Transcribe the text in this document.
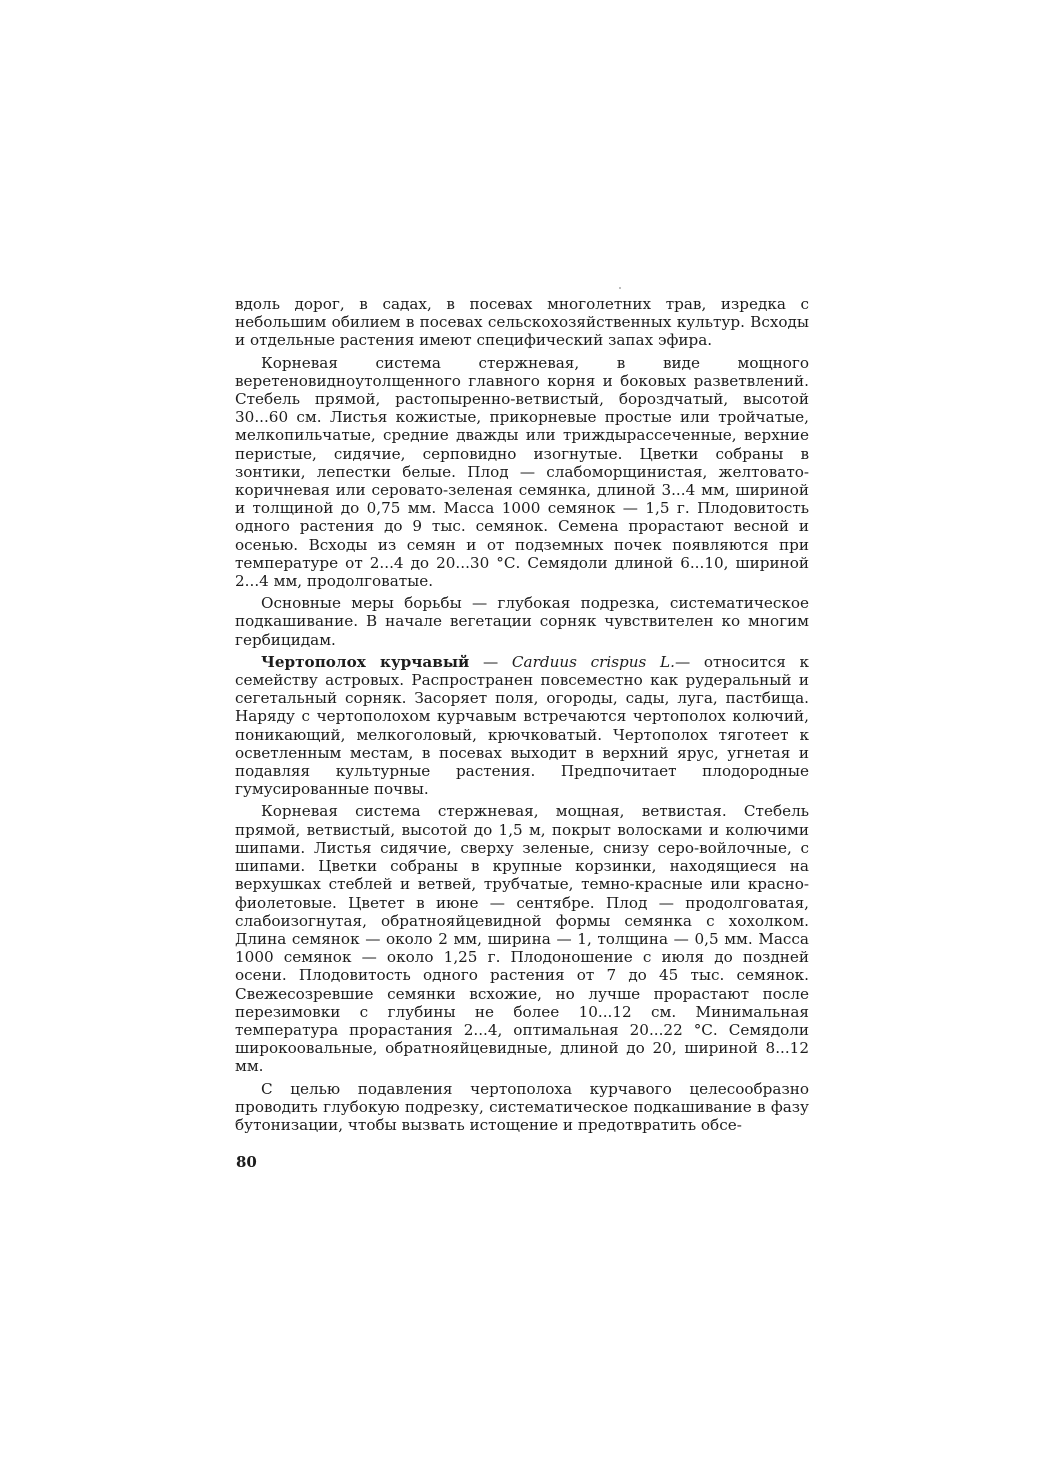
вдоль дорог, в садах, в посевах многолетних трав, изредка с небольшим обилием в посевах сельскохозяйственных культур. Всходы и отдельные растения имеют специфический запах эфира.

Корневая система стержневая, в виде мощного веретеновидноутолщенного главного корня и боковых разветвлений. Стебель прямой, растопыренно-ветвистый, бороздчатый, высотой 30...60 см. Листья кожистые, прикорневые простые или тройчатые, мелкопильчатые, средние дважды или триждырассеченные, верхние перистые, сидячие, серповидно изогнутые. Цветки собраны в зонтики, лепестки белые. Плод — слабоморщинистая, желтовато-коричневая или серовато-зеленая семянка, длиной 3...4 мм, шириной и толщиной до 0,75 мм. Масса 1000 семянок — 1,5 г. Плодовитость одного растения до 9 тыс. семянок. Семена прорастают весной и осенью. Всходы из семян и от подземных почек появляются при температуре от 2...4 до 20...30 °С. Семядоли длиной 6...10, шириной 2...4 мм, продолговатые.

Основные меры борьбы — глубокая подрезка, систематическое подкашивание. В начале вегетации сорняк чувствителен ко многим гербицидам.

Чертополох курчавый — Carduus crispus L.— относится к семейству астровых. Распространен повсеместно как рудеральный и сегетальный сорняк. Засоряет поля, огороды, сады, луга, пастбища. Наряду с чертополохом курчавым встречаются чертополох колючий, поникающий, мелкоголовый, крючковатый. Чертополох тяготеет к осветленным местам, в посевах выходит в верхний ярус, угнетая и подавляя культурные растения. Предпочитает плодородные гумусированные почвы.

Корневая система стержневая, мощная, ветвистая. Стебель прямой, ветвистый, высотой до 1,5 м, покрыт волосками и колючими шипами. Листья сидячие, сверху зеленые, снизу серо-войлочные, с шипами. Цветки собраны в крупные корзинки, находящиеся на верхушках стеблей и ветвей, трубчатые, темно-красные или красно-фиолетовые. Цветет в июне — сентябре. Плод — продолговатая, слабоизогнутая, обратнояйцевидной формы семянка с хохолком. Длина семянок — около 2 мм, ширина — 1, толщина — 0,5 мм. Масса 1000 семянок — около 1,25 г. Плодоношение с июля до поздней осени. Плодовитость одного растения от 7 до 45 тыс. семянок. Свежесозревшие семянки всхожие, но лучше прорастают после перезимовки с глубины не более 10...12 см. Минимальная температура прорастания 2...4, оптимальная 20...22 °С. Семядоли широкоовальные, обратнояйцевидные, длиной до 20, шириной 8...12 мм.

С целью подавления чертополоха курчавого целесообразно проводить глубокую подрезку, систематическое подкашивание в фазу бутонизации, чтобы вызвать истощение и предотвратить обсе-

80
